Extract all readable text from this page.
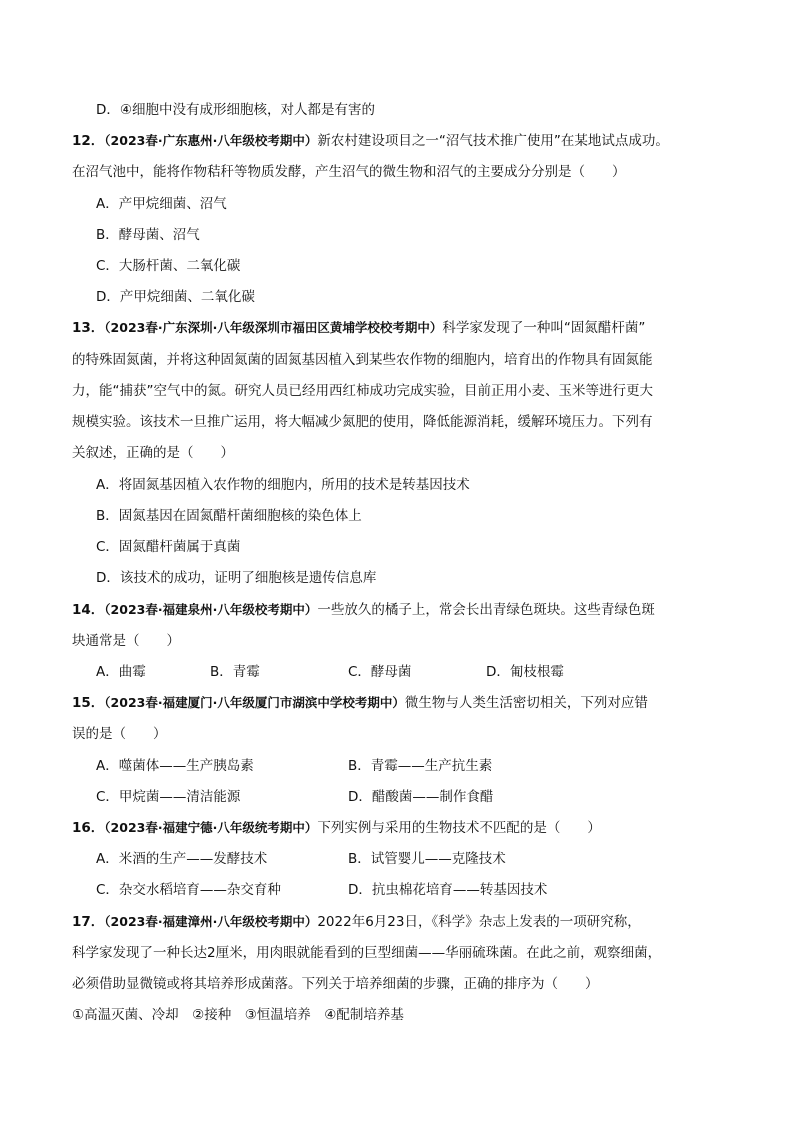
D．④细胞中没有成形细胞核，对人都是有害的
12．（2023春·广东惠州·八年级校考期中）新农村建设项目之一“沼气技术推广使用”在某地试点成功。
在沼气池中，能将作物秸秆等物质发酵，产生沼气的微生物和沼气的主要成分分别是（　　）
A．产甲烷细菌、沼气
B．酵母菌、沼气
C．大肠杆菌、二氧化碳
D．产甲烷细菌、二氧化碳
13．（2023春·广东深圳·八年级深圳市福田区黄埔学校校考期中）科学家发现了一种叫“固氮醋杆菌”
的特殊固氮菌，并将这种固氮菌的固氮基因植入到某些农作物的细胞内，培育出的作物具有固氮能
力，能“捕获”空气中的氮。研究人员已经用西红柿成功完成实验，目前正用小麦、玉米等进行更大
规模实验。该技术一旦推广运用，将大幅减少氮肥的使用，降低能源消耗，缓解环境压力。下列有
关叙述，正确的是（　　）
A．将固氮基因植入农作物的细胞内，所用的技术是转基因技术
B．固氮基因在固氮醋杆菌细胞核的染色体上
C．固氮醋杆菌属于真菌
D．该技术的成功，证明了细胞核是遗传信息库
14．（2023春·福建泉州·八年级校考期中）一些放久的橘子上，常会长出青绿色斑块。这些青绿色斑
块通常是（　　）
A．曲霉	B．青霉	C．酵母菌	D．匍枝根霉
15．（2023春·福建厦门·八年级厦门市湖滨中学校考期中）微生物与人类生活密切相关，下列对应错
误的是（　　）
A．噬菌体——生产胰岛素	B．青霉——生产抗生素
C．甲烷菌——清洁能源	D．醋酸菌——制作食醋
16．（2023春·福建宁德·八年级统考期中）下列实例与采用的生物技术不匹配的是（　　）
A．米酒的生产——发酵技术	B．试管婴儿——克隆技术
C．杂交水稻培育——杂交育种	D．抗虫棉花培育——转基因技术
17．（2023春·福建漳州·八年级校考期中）2022年6月23日，《科学》杂志上发表的一项研究称，
科学家发现了一种长达2厘米，用肉眼就能看到的巨型细菌——华丽硫珠菌。在此之前，观察细菌，
必须借助显微镜或将其培养形成菌落。下列关于培养细菌的步骤，正确的排序为（　　）
①高温灭菌、冷却　②接种　③恒温培养　④配制培养基
